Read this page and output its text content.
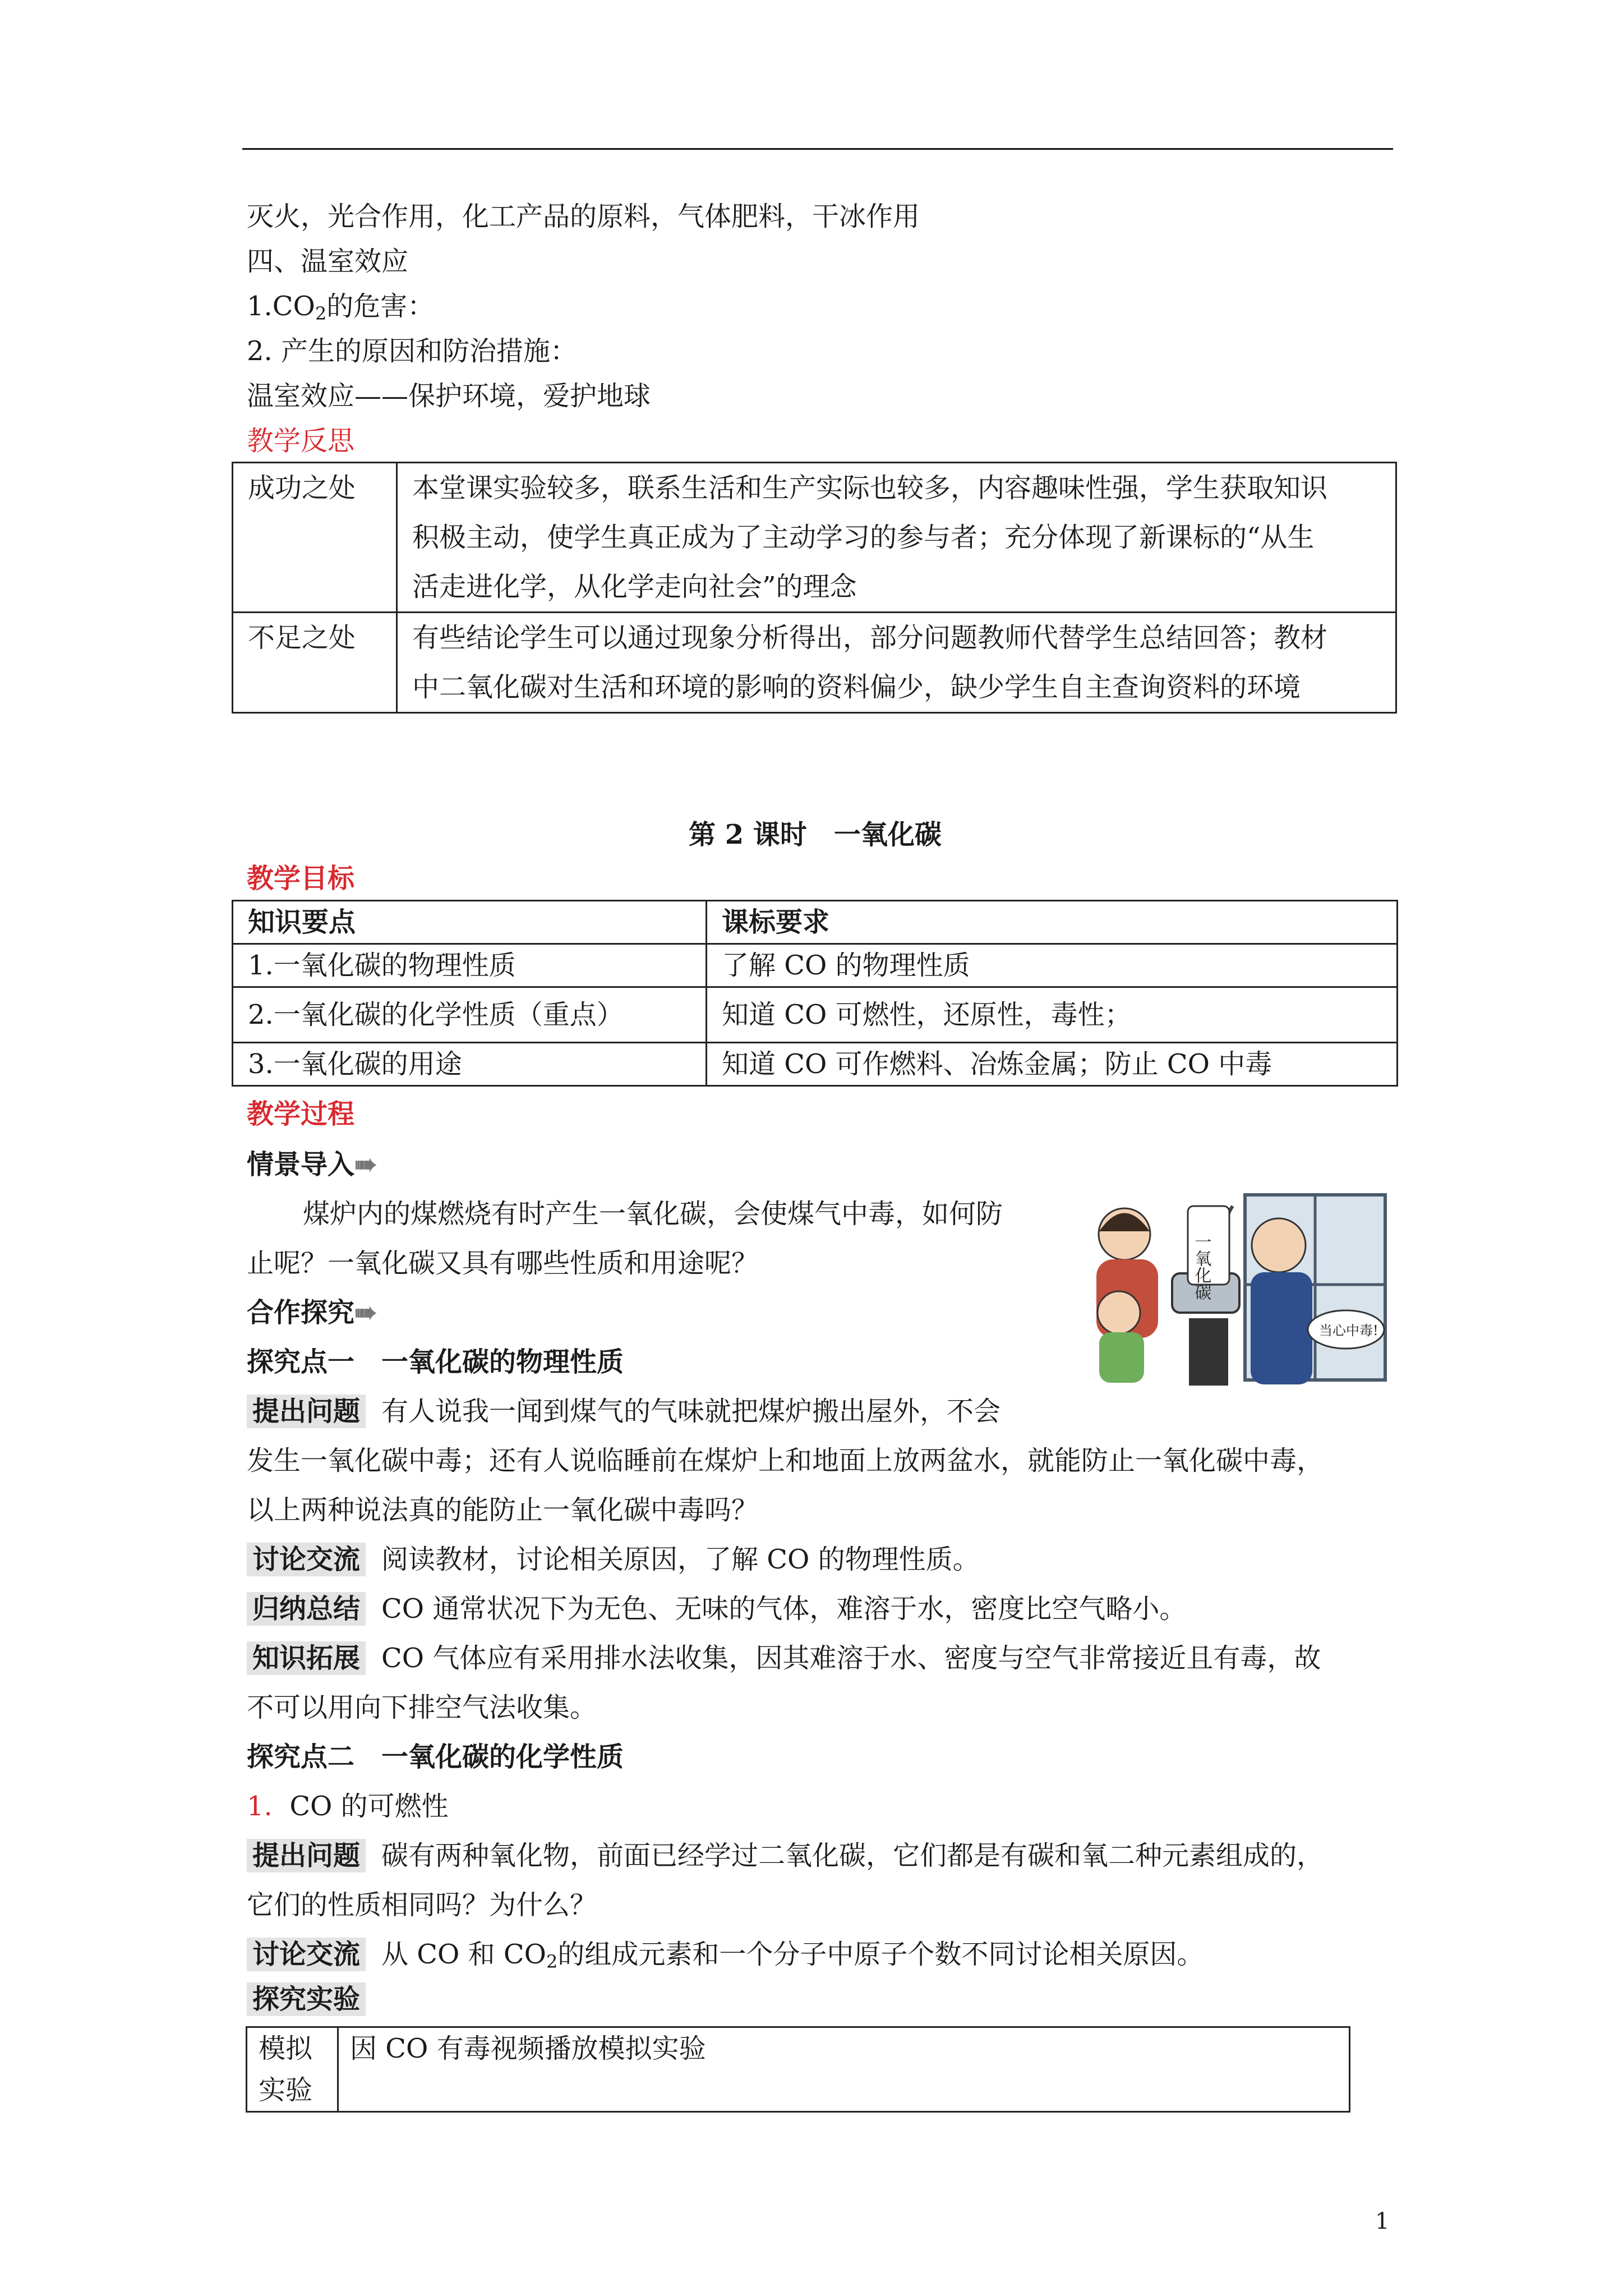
灭火，光合作用，化工产品的原料，气体肥料，干冰作用
四、温室效应
$1.CO_2$的危害：
2. 产生的原因和防治措施：
温室效应——保护环境，爱护地球
教学反思
成功之处	本堂课实验较多，联系生活和生产实际也较多，内容趣味性强，学生获取知识
积极主动，使学生真正成为了主动学习的参与者；充分体现了新课标的“从生
活走进化学，从化学走向社会”的理念

不足之处	有些结论学生可以通过现象分析得出，部分问题教师代替学生总结回答；教材
中二氧化碳对生活和环境的影响的资料偏少，缺少学生自主查询资料的环境
第 2 课时　一氧化碳
教学目标
知识要点	课标要求
1.一氧化碳的物理性质	了解 CO 的物理性质
2.一氧化碳的化学性质（重点）	知道 CO 可燃性，还原性，毒性；
3.一氧化碳的用途	知道 CO 可作燃料、冶炼金属；防止 CO 中毒
教学过程
情景导入➠
煤炉内的煤燃烧有时产生一氧化碳，会使煤气中毒，如何防
止呢？一氧化碳又具有哪些性质和用途呢？	一氧化碳
当心中毒!
合作探究➠
探究点一　一氧化碳的物理性质
提出问题 有人说我一闻到煤气的气味就把煤炉搬出屋外，不会
发生一氧化碳中毒；还有人说临睡前在煤炉上和地面上放两盆水，就能防止一氧化碳中毒，
以上两种说法真的能防止一氧化碳中毒吗？
讨论交流 阅读教材，讨论相关原因，了解 CO 的物理性质。
归纳总结 CO 通常状况下为无色、无味的气体，难溶于水，密度比空气略小。
知识拓展 CO 气体应有采用排水法收集，因其难溶于水、密度与空气非常接近且有毒，故
不可以用向下排空气法收集。
探究点二　一氧化碳的化学性质
1. CO 的可燃性
提出问题 碳有两种氧化物，前面已经学过二氧化碳，它们都是有碳和氧二种元素组成的，
它们的性质相同吗？为什么？
讨论交流 从 CO 和 $CO_2$的组成元素和一个分子中原子个数不同讨论相关原因。
探究实验
模拟
实验
	因 CO 有毒视频播放模拟实验
1
